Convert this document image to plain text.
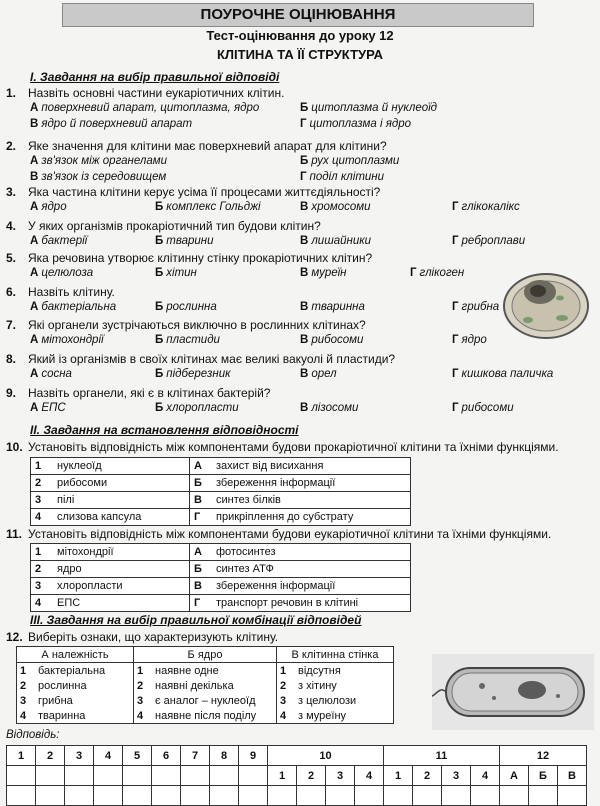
ПОУРОЧНЕ ОЦІНЮВАННЯ
Тест-оцінювання до уроку 12
КЛІТИНА ТА ЇЇ СТРУКТУРА
І. Завдання на вибір правильної відповіді
1. Назвіть основні частини еукаріотичних клітин.
А поверхневий апарат, цитоплазма, ядро	Б цитоплазма й нуклеоїд
В ядро й поверхневий апарат	Г цитоплазма і ядро
2. Яке значення для клітини має поверхневий апарат для клітини?
А зв'язок між органелами	Б рух цитоплазми
В зв'язок із середовищем	Г поділ клітини
3. Яка частина клітини керує усіма її процесами життєдіяльності?
А ядро	Б комплекс Гольджі	В хромосоми	Г глікокалікс
4. У яких організмів прокаріотичний тип будови клітин?
А бактерії	Б тварини	В лишайники	Г ребрoплави
5. Яка речовина утворює клітинну стінку прокаріотичних клітин?
А целюлоза	Б хітин	В муреїн	Г глікоген
6. Назвіть клітину.
А бактеріальна	Б рослинна	В тваринна	Г грибна
7. Які органели зустрічаються виключно в рослинних клітинах?
А мітохондрії	Б пластиди	В рибосоми	Г ядро
8. Який із організмів в своїх клітинах має великі вакуолі й пластиди?
А сосна	Б підберезник	В орел	Г кишкова паличка
9. Назвіть органели, які є в клітинах бактерій?
А ЕПС	Б хлоропласти	В лізосоми	Г рибосоми
ІІ. Завдання на встановлення відповідності
10. Установіть відповідність між компонентами будови прокаріотичної клітини та їхніми функціями.
1	нуклеоїд	А	захист від висихання
2	рибосоми	Б	збереження інформації
3	пілі	В	синтез білків
4	слизова капсула	Г	прикріплення до субстрату
11. Установіть відповідність між компонентами будови еукаріотичної клітини та їхніми функціями.
1	мітохондрії	А	фотосинтез
2	ядро	Б	синтез АТФ
3	хлоропласти	В	збереження інформації
4	ЕПС	Г	транспорт речовин в клітині
ІІІ. Завдання на вибір правильної комбінації відповідей
12. Виберіть ознаки, що характеризують клітину.
А належність		Б ядро		В клітинна стінка	
1	бактеріальна	1	наявне одне	1	відсутня
2	рослинна	2	наявні декілька	2	з хітину
3	грибна	3	є аналог – нуклеоїд	3	з целюлози
4	тваринна	4	наявне після поділу	4	з муреїну
Відповідь:
1	2	3	4	5	6	7	8	9	10				11				12		
									1	2	3	4	1	2	3	4	А	Б	В
